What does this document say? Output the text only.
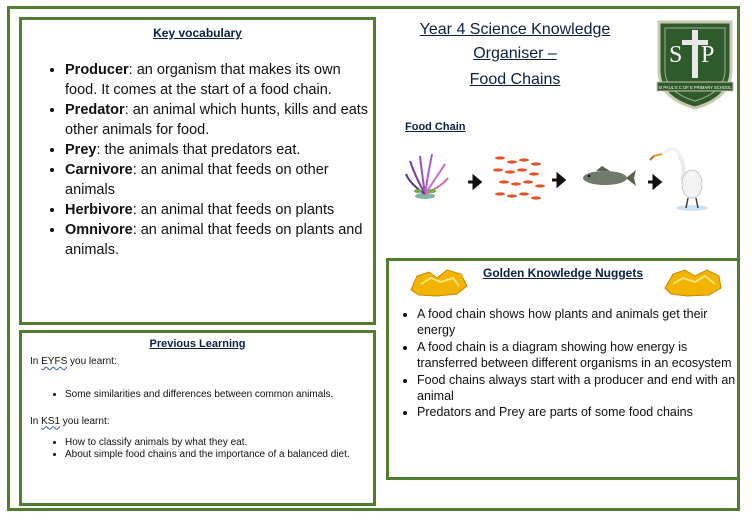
Year 4 Science Knowledge
Organiser –
Food Chains
S P
St PAUL'S C OF E PRIMARY SCHOOL
Key vocabulary
• Producer: an organism that makes its own food. It comes at the start of a food chain.
• Predator: an animal which hunts, kills and eats other animals for food.
• Prey: the animals that predators eat.
• Carnivore: an animal that feeds on other animals
• Herbivore: an animal that feeds on plants
• Omnivore: an animal that feeds on plants and animals.
Food Chain
Previous Learning
In EYFS you learnt:
• Some similarities and differences between common animals.
In KS1 you learnt:
• How to classify animals by what they eat.
• About simple food chains and the importance of a balanced diet.
Golden Knowledge Nuggets
• A food chain shows how plants and animals get their energy
• A food chain is a diagram showing how energy is transferred between different organisms in an ecosystem
• Food chains always start with a producer and end with an animal
• Predators and Prey are parts of some food chains
